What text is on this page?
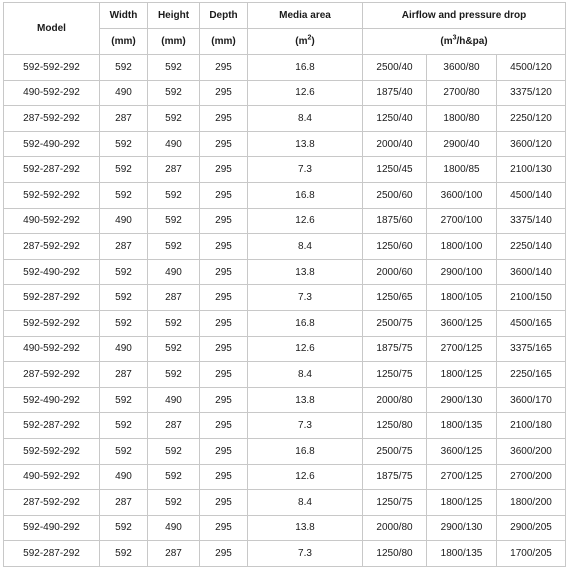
Model	Width	Height	Depth	Media area	Airflow and pressure drop		
	(mm)	(mm)	(mm)	$(m^2)$	$(m^3/h\&pa)$		
592-592-292	592	592	295	16.8	2500/40	3600/80	4500/120
490-592-292	490	592	295	12.6	1875/40	2700/80	3375/120
287-592-292	287	592	295	8.4	1250/40	1800/80	2250/120
592-490-292	592	490	295	13.8	2000/40	2900/40	3600/120
592-287-292	592	287	295	7.3	1250/45	1800/85	2100/130
592-592-292	592	592	295	16.8	2500/60	3600/100	4500/140
490-592-292	490	592	295	12.6	1875/60	2700/100	3375/140
287-592-292	287	592	295	8.4	1250/60	1800/100	2250/140
592-490-292	592	490	295	13.8	2000/60	2900/100	3600/140
592-287-292	592	287	295	7.3	1250/65	1800/105	2100/150
592-592-292	592	592	295	16.8	2500/75	3600/125	4500/165
490-592-292	490	592	295	12.6	1875/75	2700/125	3375/165
287-592-292	287	592	295	8.4	1250/75	1800/125	2250/165
592-490-292	592	490	295	13.8	2000/80	2900/130	3600/170
592-287-292	592	287	295	7.3	1250/80	1800/135	2100/180
592-592-292	592	592	295	16.8	2500/75	3600/125	3600/200
490-592-292	490	592	295	12.6	1875/75	2700/125	2700/200
287-592-292	287	592	295	8.4	1250/75	1800/125	1800/200
592-490-292	592	490	295	13.8	2000/80	2900/130	2900/205
592-287-292	592	287	295	7.3	1250/80	1800/135	1700/205
